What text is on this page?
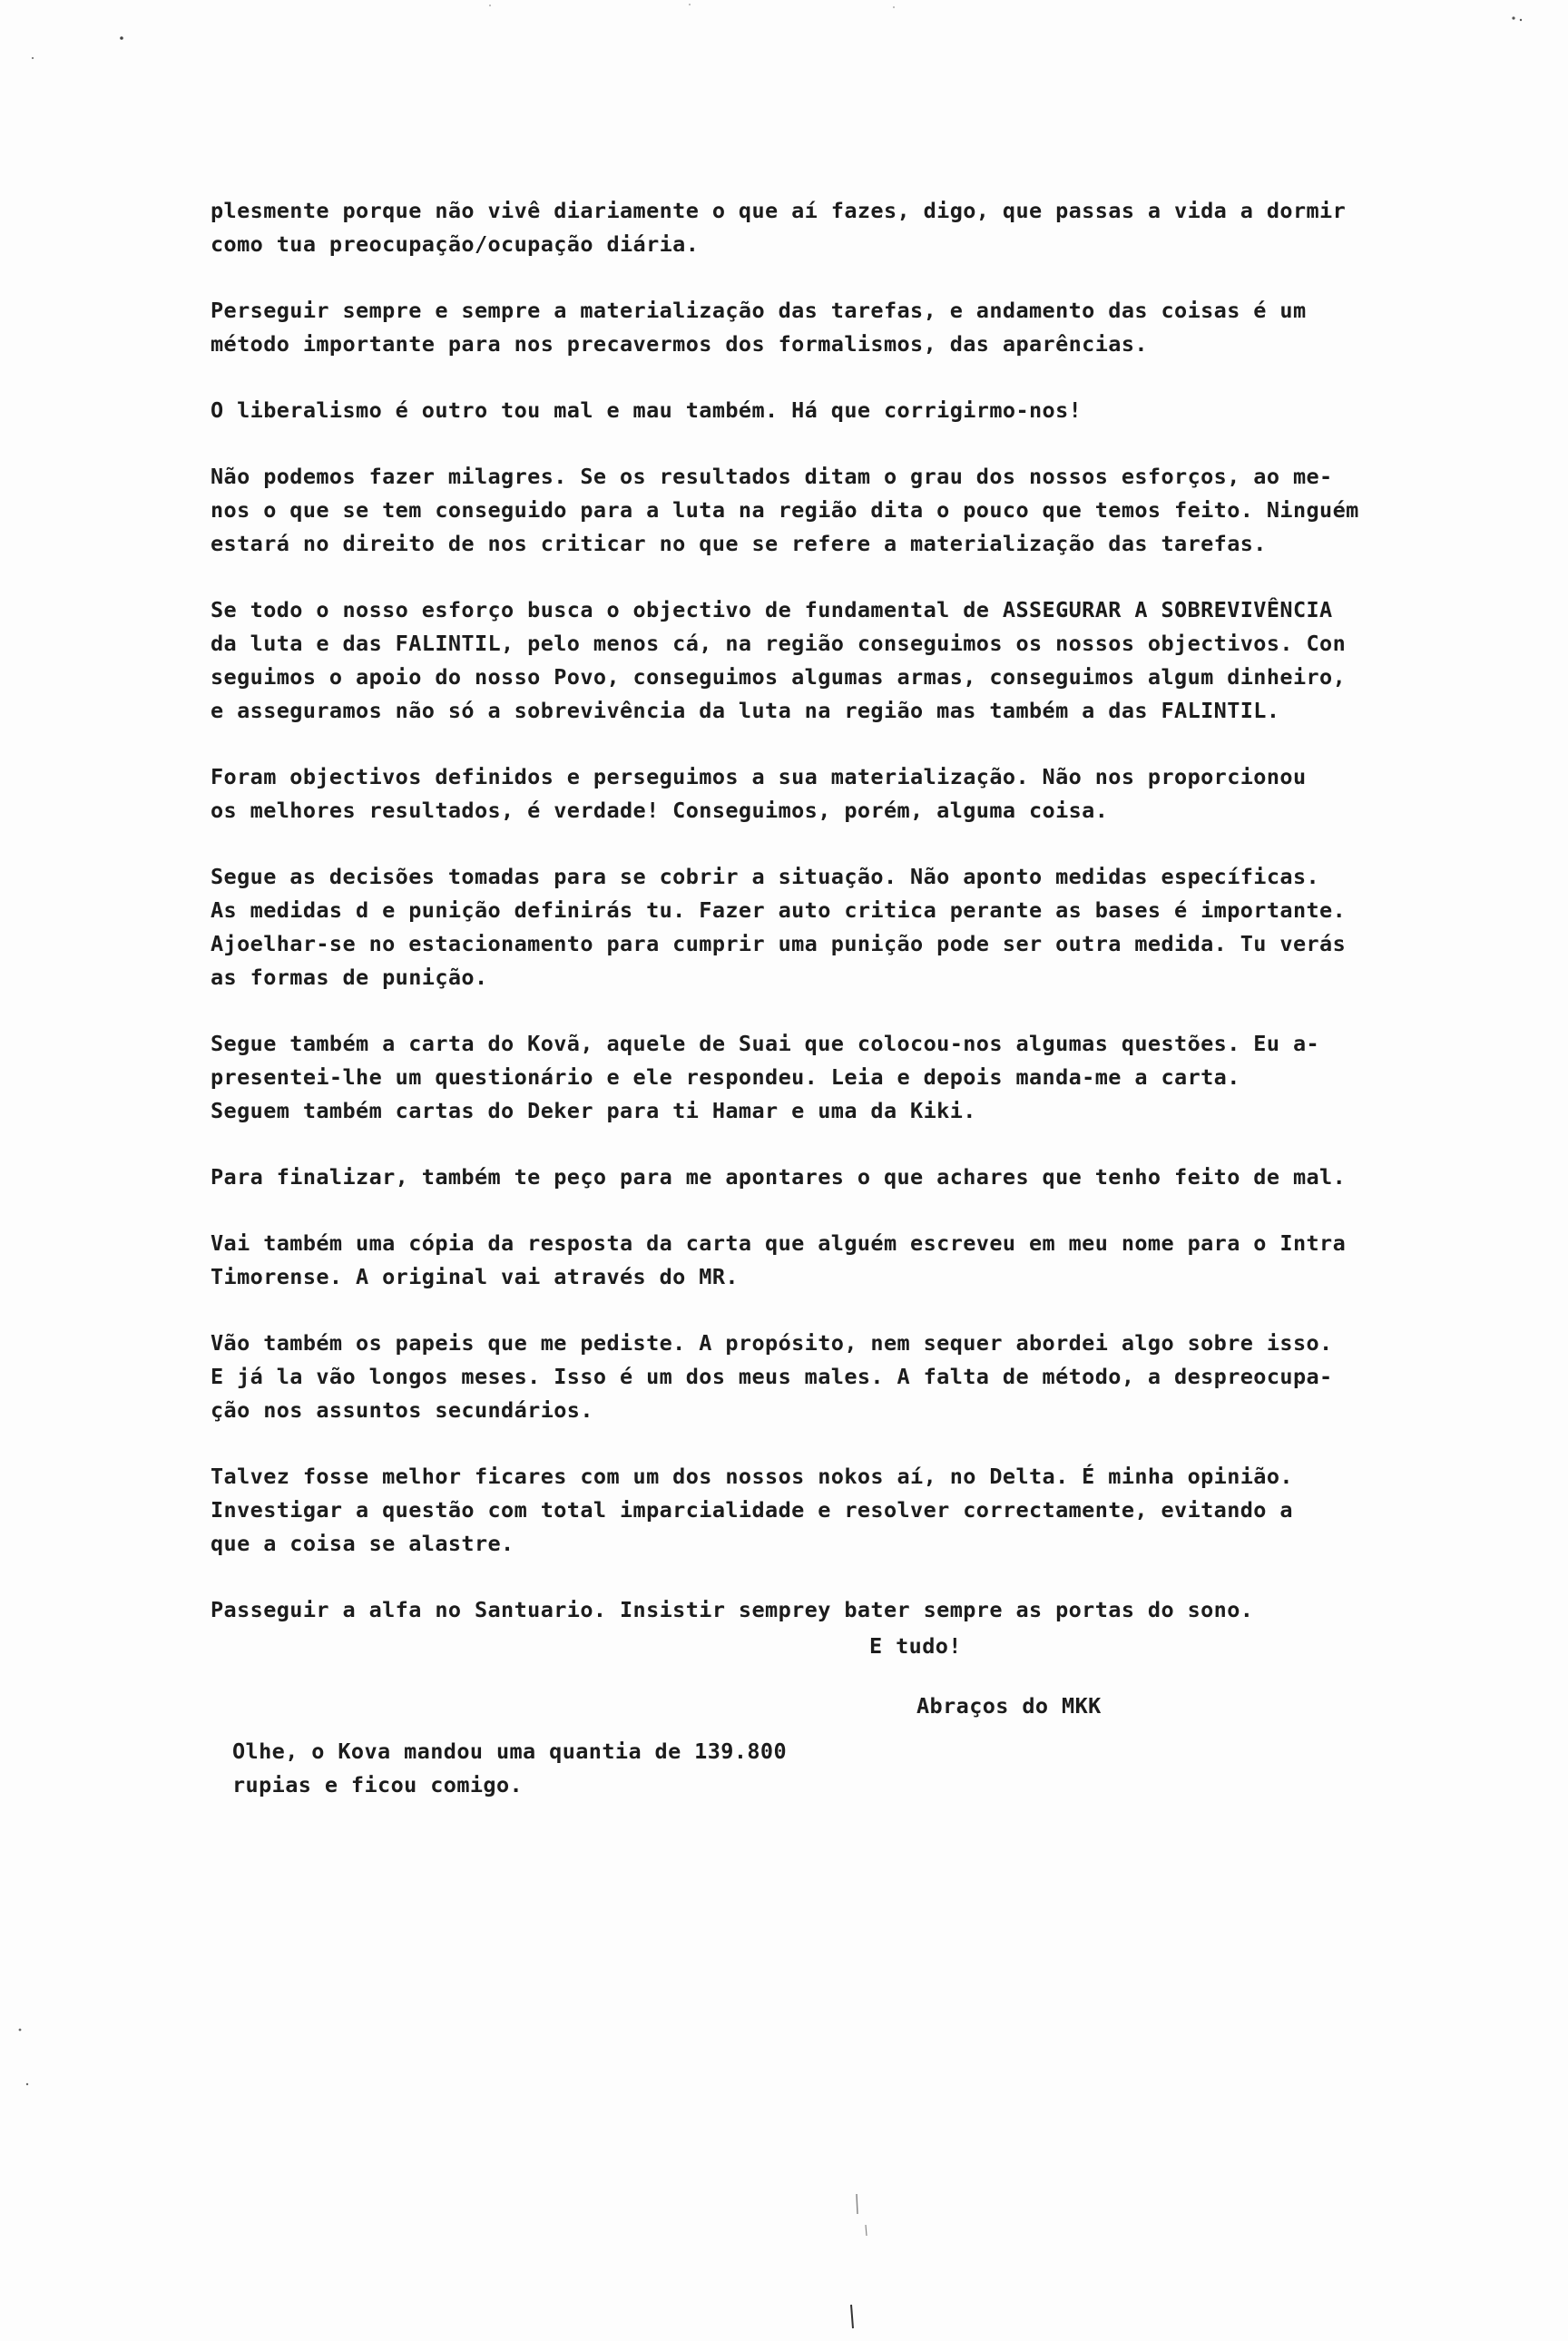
plesmente porque não vivê diariamente o que aí fazes, digo, que passas a vida a dormir
como tua preocupação/ocupação diária.

Perseguir sempre e sempre a materialização das tarefas, e andamento das coisas é um
método importante para nos precavermos dos formalismos, das aparências.

O liberalismo é outro tou mal e mau também. Há que corrigirmo-nos!

Não podemos fazer milagres. Se os resultados ditam o grau dos nossos esforços, ao me-
nos o que se tem conseguido para a luta na região dita o pouco que temos feito. Ninguém
estará no direito de nos criticar no que se refere a materialização das tarefas.

Se todo o nosso esforço busca o objectivo de fundamental de ASSEGURAR A SOBREVIVÊNCIA
da luta e das FALINTIL, pelo menos cá, na região conseguimos os nossos objectivos. Con
seguimos o apoio do nosso Povo, conseguimos algumas armas, conseguimos algum dinheiro,
e asseguramos não só a sobrevivência da luta na região mas também a das FALINTIL.

Foram objectivos definidos e perseguimos a sua materialização. Não nos proporcionou
os melhores resultados, é verdade! Conseguimos, porém, alguma coisa.

Segue as decisões tomadas para se cobrir a situação. Não aponto medidas específicas.
As medidas d e punição definirás tu. Fazer auto critica perante as bases é importante.
Ajoelhar-se no estacionamento para cumprir uma punição pode ser outra medida. Tu verás
as formas de punição.

Segue também a carta do Kovã, aquele de Suai que colocou-nos algumas questões. Eu a-
presentei-lhe um questionário e ele respondeu. Leia e depois manda-me a carta.
Seguem também cartas do Deker para ti Hamar e uma da Kiki.

Para finalizar, também te peço para me apontares o que achares que tenho feito de mal.

Vai também uma cópia da resposta da carta que alguém escreveu em meu nome para o Intra
Timorense. A original vai através do MR.

Vão também os papeis que me pediste. A propósito, nem sequer abordei algo sobre isso.
E já la vão longos meses. Isso é um dos meus males. A falta de método, a despreocupa-
ção nos assuntos secundários.

Talvez fosse melhor ficares com um dos nossos nokos aí, no Delta. É minha opinião.
Investigar a questão com total imparcialidade e resolver correctamente, evitando a
que a coisa se alastre.

Passeguir a alfa no Santuario. Insistir semprey bater sempre as portas do sono.

E tudo!
Abraços do MKK
Olhe, o Kova mandou uma quantia de 139.800
rupias e ficou comigo.
